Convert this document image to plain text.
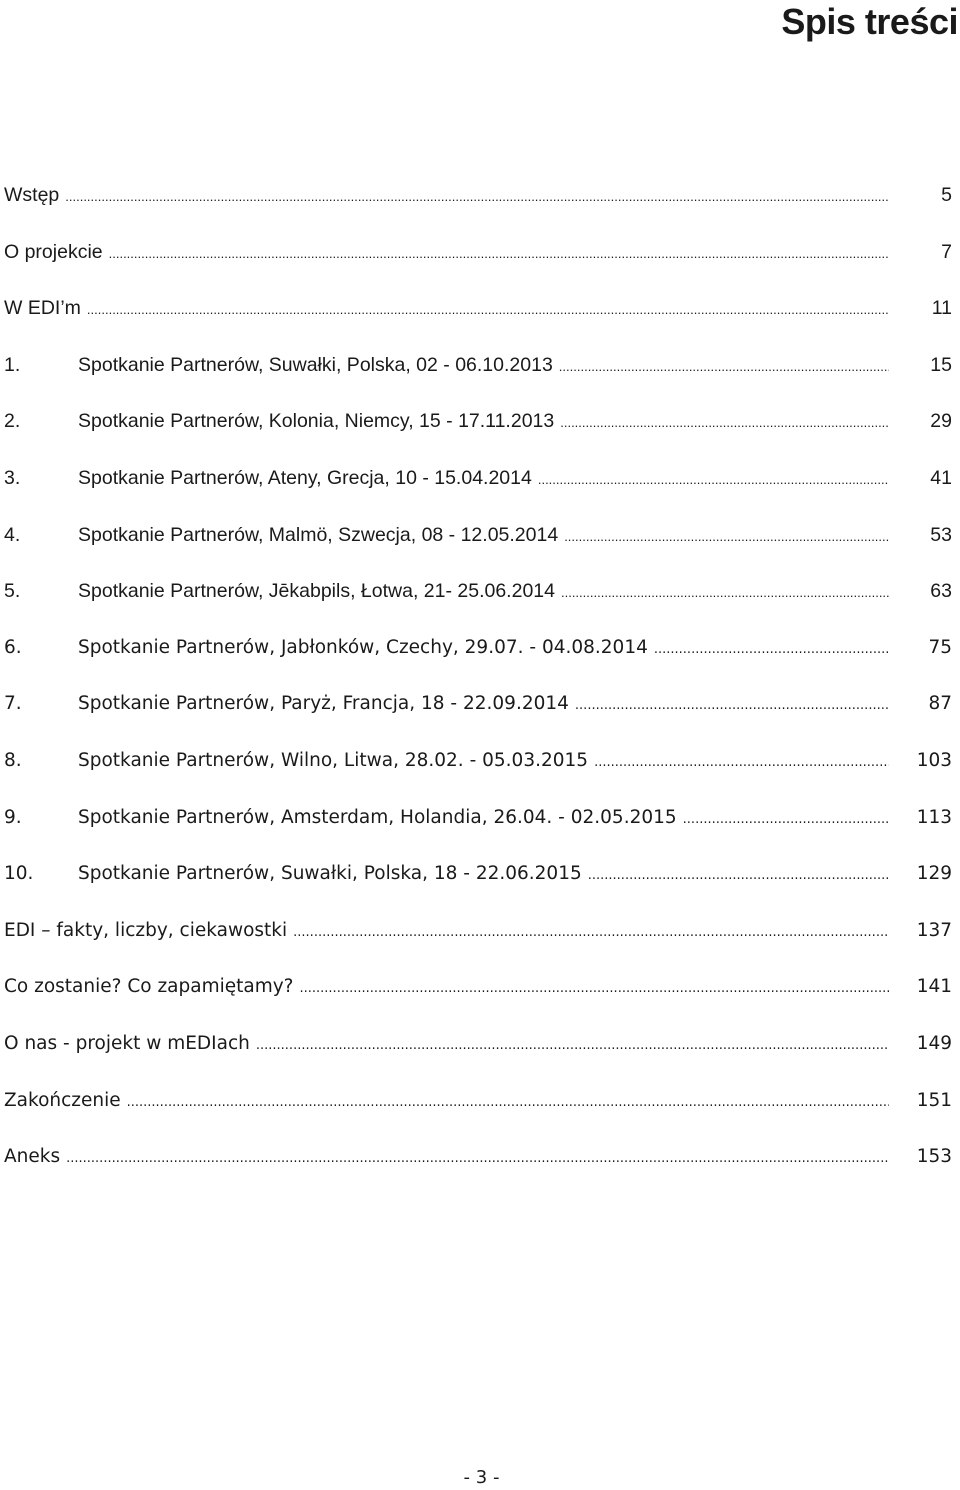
Spis treści
Wstęp .....	5
O projekcie .....	7
W EDI’m .....	11
1.	Spotkanie Partnerów, Suwałki, Polska, 02 - 06.10.2013 .....	15
2.	Spotkanie Partnerów, Kolonia, Niemcy, 15 - 17.11.2013 .....	29
3.	Spotkanie Partnerów, Ateny, Grecja, 10 - 15.04.2014 .....	41
4.	Spotkanie Partnerów, Malmö, Szwecja, 08 - 12.05.2014 .....	53
5.	Spotkanie Partnerów, Jēkabpils, Łotwa, 21- 25.06.2014 .....	63
6.	Spotkanie Partnerów, Jabłonków, Czechy, 29.07. - 04.08.2014 .....	75
7.	Spotkanie Partnerów, Paryż, Francja, 18 - 22.09.2014 .....	87
8.	Spotkanie Partnerów, Wilno, Litwa, 28.02. - 05.03.2015 .....	103
9.	Spotkanie Partnerów, Amsterdam, Holandia, 26.04. - 02.05.2015 .....	113
10.	Spotkanie Partnerów, Suwałki, Polska, 18 - 22.06.2015 .....	129
EDI – fakty, liczby, ciekawostki .....	137
Co zostanie? Co zapamiętamy? .....	141
O nas - projekt w mEDIach .....	149
Zakończenie .....	151
Aneks .....	153
- 3 -
